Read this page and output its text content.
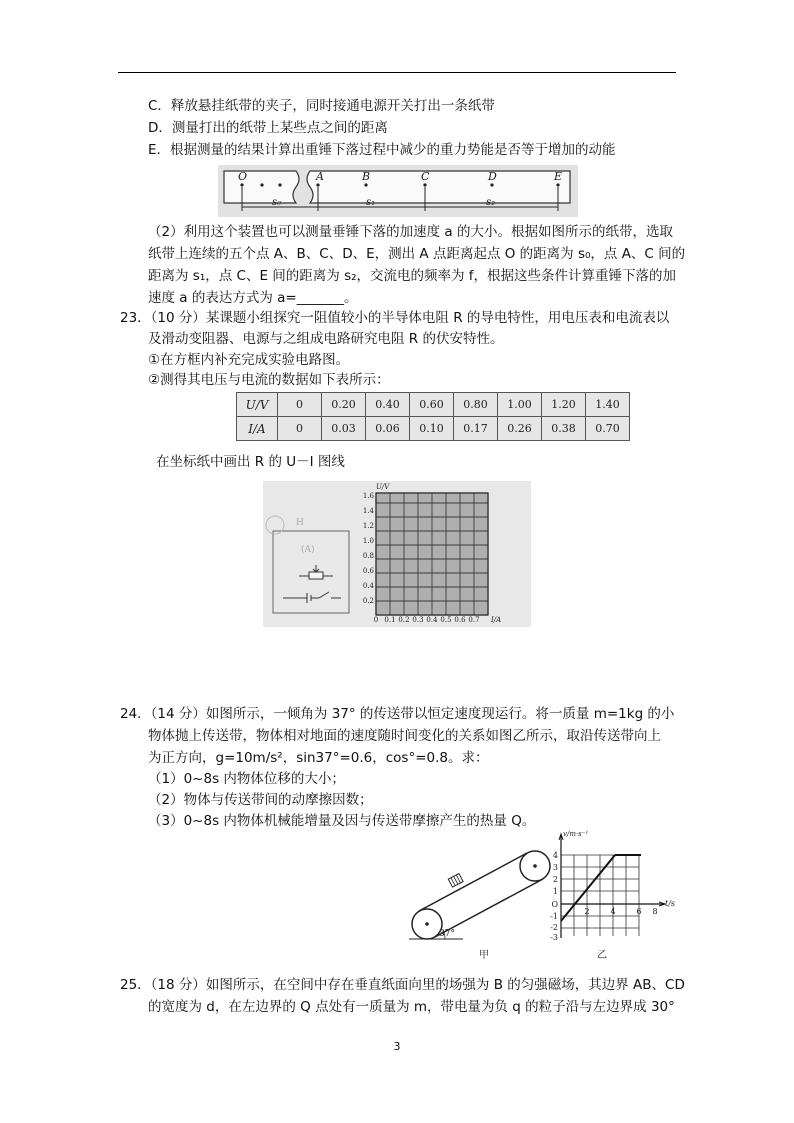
C．释放悬挂纸带的夹子，同时接通电源开关打出一条纸带
D．测量打出的纸带上某些点之间的距离
E．根据测量的结果计算出重锤下落过程中减少的重力势能是否等于增加的动能
O	A	B	C	D	E
s₀	s₁	s₂
（2）利用这个装置也可以测量垂锤下落的加速度 a 的大小。根据如图所示的纸带，选取
纸带上连续的五个点 A、B、C、D、E，测出 A 点距离起点 O 的距离为 s₀，点 A、C 间的
距离为 s₁，点 C、E 间的距离为 s₂，交流电的频率为 f，根据这些条件计算重锤下落的加
速度 a 的表达方式为 a=_______。
23．（10 分）某课题小组探究一阻值较小的半导体电阻 R 的导电特性，用电压表和电流表以
及滑动变阻器、电源与之组成电路研究电阻 R 的伏安特性。
①在方框内补充完成实验电路图。
②测得其电压与电流的数据如下表所示：
U/V	0	0.20	0.40	0.60	0.80	1.00	1.20	1.40
I/A	0	0.03	0.06	0.10	0.17	0.26	0.38	0.70
在坐标纸中画出 R 的 U－I 图线
H
(A)
U/V
I/A
1.6
1.4
1.2
1.0
0.8
0.6
0.4
0.2
0 0.1 0.2 0.3 0.4 0.5 0.6 0.7
24．（14 分）如图所示，一倾角为 37° 的传送带以恒定速度现运行。将一质量 m=1kg 的小
物体抛上传送带，物体相对地面的速度随时间变化的关系如图乙所示，取沿传送带向上
为正方向，g=10m/s²，sin37°=0.6，cos°=0.8。求：
（1）0~8s 内物体位移的大小；
（2）物体与传送带间的动摩擦因数；
（3）0~8s 内物体机械能增量及因与传送带摩擦产生的热量 Q。
37°
甲	乙
v/m·s⁻¹
t/s
4
3
2
1
O
-1
-2
-3
2	4	6 8
25．（18 分）如图所示，在空间中存在垂直纸面向里的场强为 B 的匀强磁场，其边界 AB、CD
的宽度为 d，在左边界的 Q 点处有一质量为 m，带电量为负 q 的粒子沿与左边界成 30°
3
